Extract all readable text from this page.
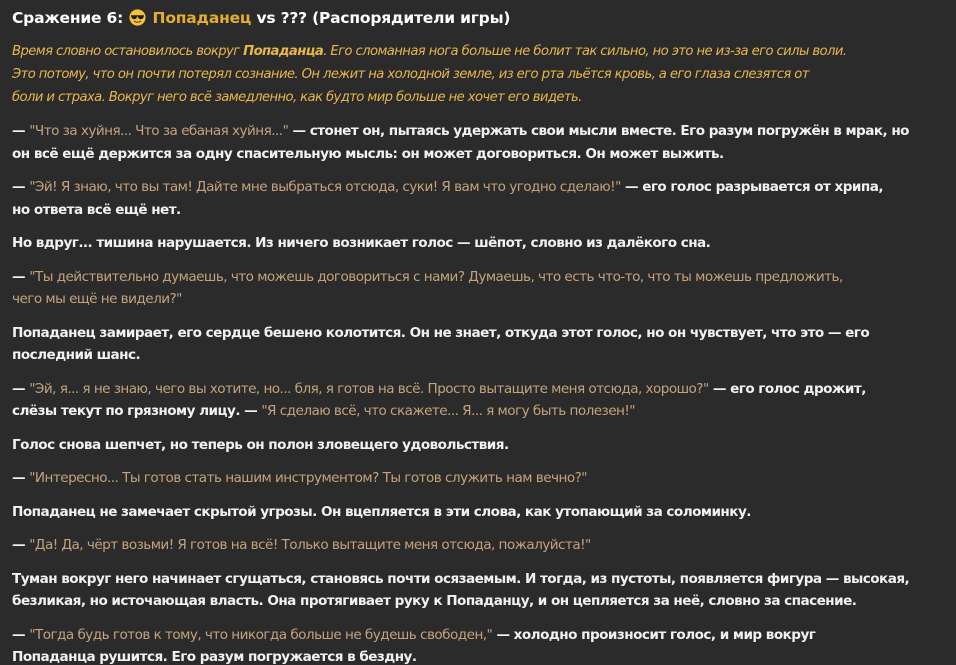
Сражение 6: Попаданец vs ??? (Распорядители игры)

Время словно остановилось вокруг Попаданца. Его сломанная нога больше не болит так сильно, но это не из-за его силы воли.

Это потому, что он почти потерял сознание. Он лежит на холодной земле, из его рта льётся кровь, а его глаза слезятся от

боли и страха. Вокруг него всё замедленно, как будто мир больше не хочет его видеть.

— "Что за хуйня... Что за ебаная хуйня..." — стонет он, пытаясь удержать свои мысли вместе. Его разум погружён в мрак, но

он всё ещё держится за одну спасительную мысль: он может договориться. Он может выжить.

— "Эй! Я знаю, что вы там! Дайте мне выбраться отсюда, суки! Я вам что угодно сделаю!" — его голос разрывается от хрипа,

но ответа всё ещё нет.

Но вдруг... тишина нарушается. Из ничего возникает голос — шёпот, словно из далёкого сна.

— "Ты действительно думаешь, что можешь договориться с нами? Думаешь, что есть что-то, что ты можешь предложить,

чего мы ещё не видели?"

Попаданец замирает, его сердце бешено колотится. Он не знает, откуда этот голос, но он чувствует, что это — его

последний шанс.

— "Эй, я... я не знаю, чего вы хотите, но... бля, я готов на всё. Просто вытащите меня отсюда, хорошо?" — его голос дрожит,

слёзы текут по грязному лицу. — "Я сделаю всё, что скажете... Я... я могу быть полезен!"

Голос снова шепчет, но теперь он полон зловещего удовольствия.

— "Интересно... Ты готов стать нашим инструментом? Ты готов служить нам вечно?"

Попаданец не замечает скрытой угрозы. Он вцепляется в эти слова, как утопающий за соломинку.

— "Да! Да, чёрт возьми! Я готов на всё! Только вытащите меня отсюда, пожалуйста!"

Туман вокруг него начинает сгущаться, становясь почти осязаемым. И тогда, из пустоты, появляется фигура — высокая,

безликая, но источающая власть. Она протягивает руку к Попаданцу, и он цепляется за неё, словно за спасение.

— "Тогда будь готов к тому, что никогда больше не будешь свободен," — холодно произносит голос, и мир вокруг

Попаданца рушится. Его разум погружается в бездну.
